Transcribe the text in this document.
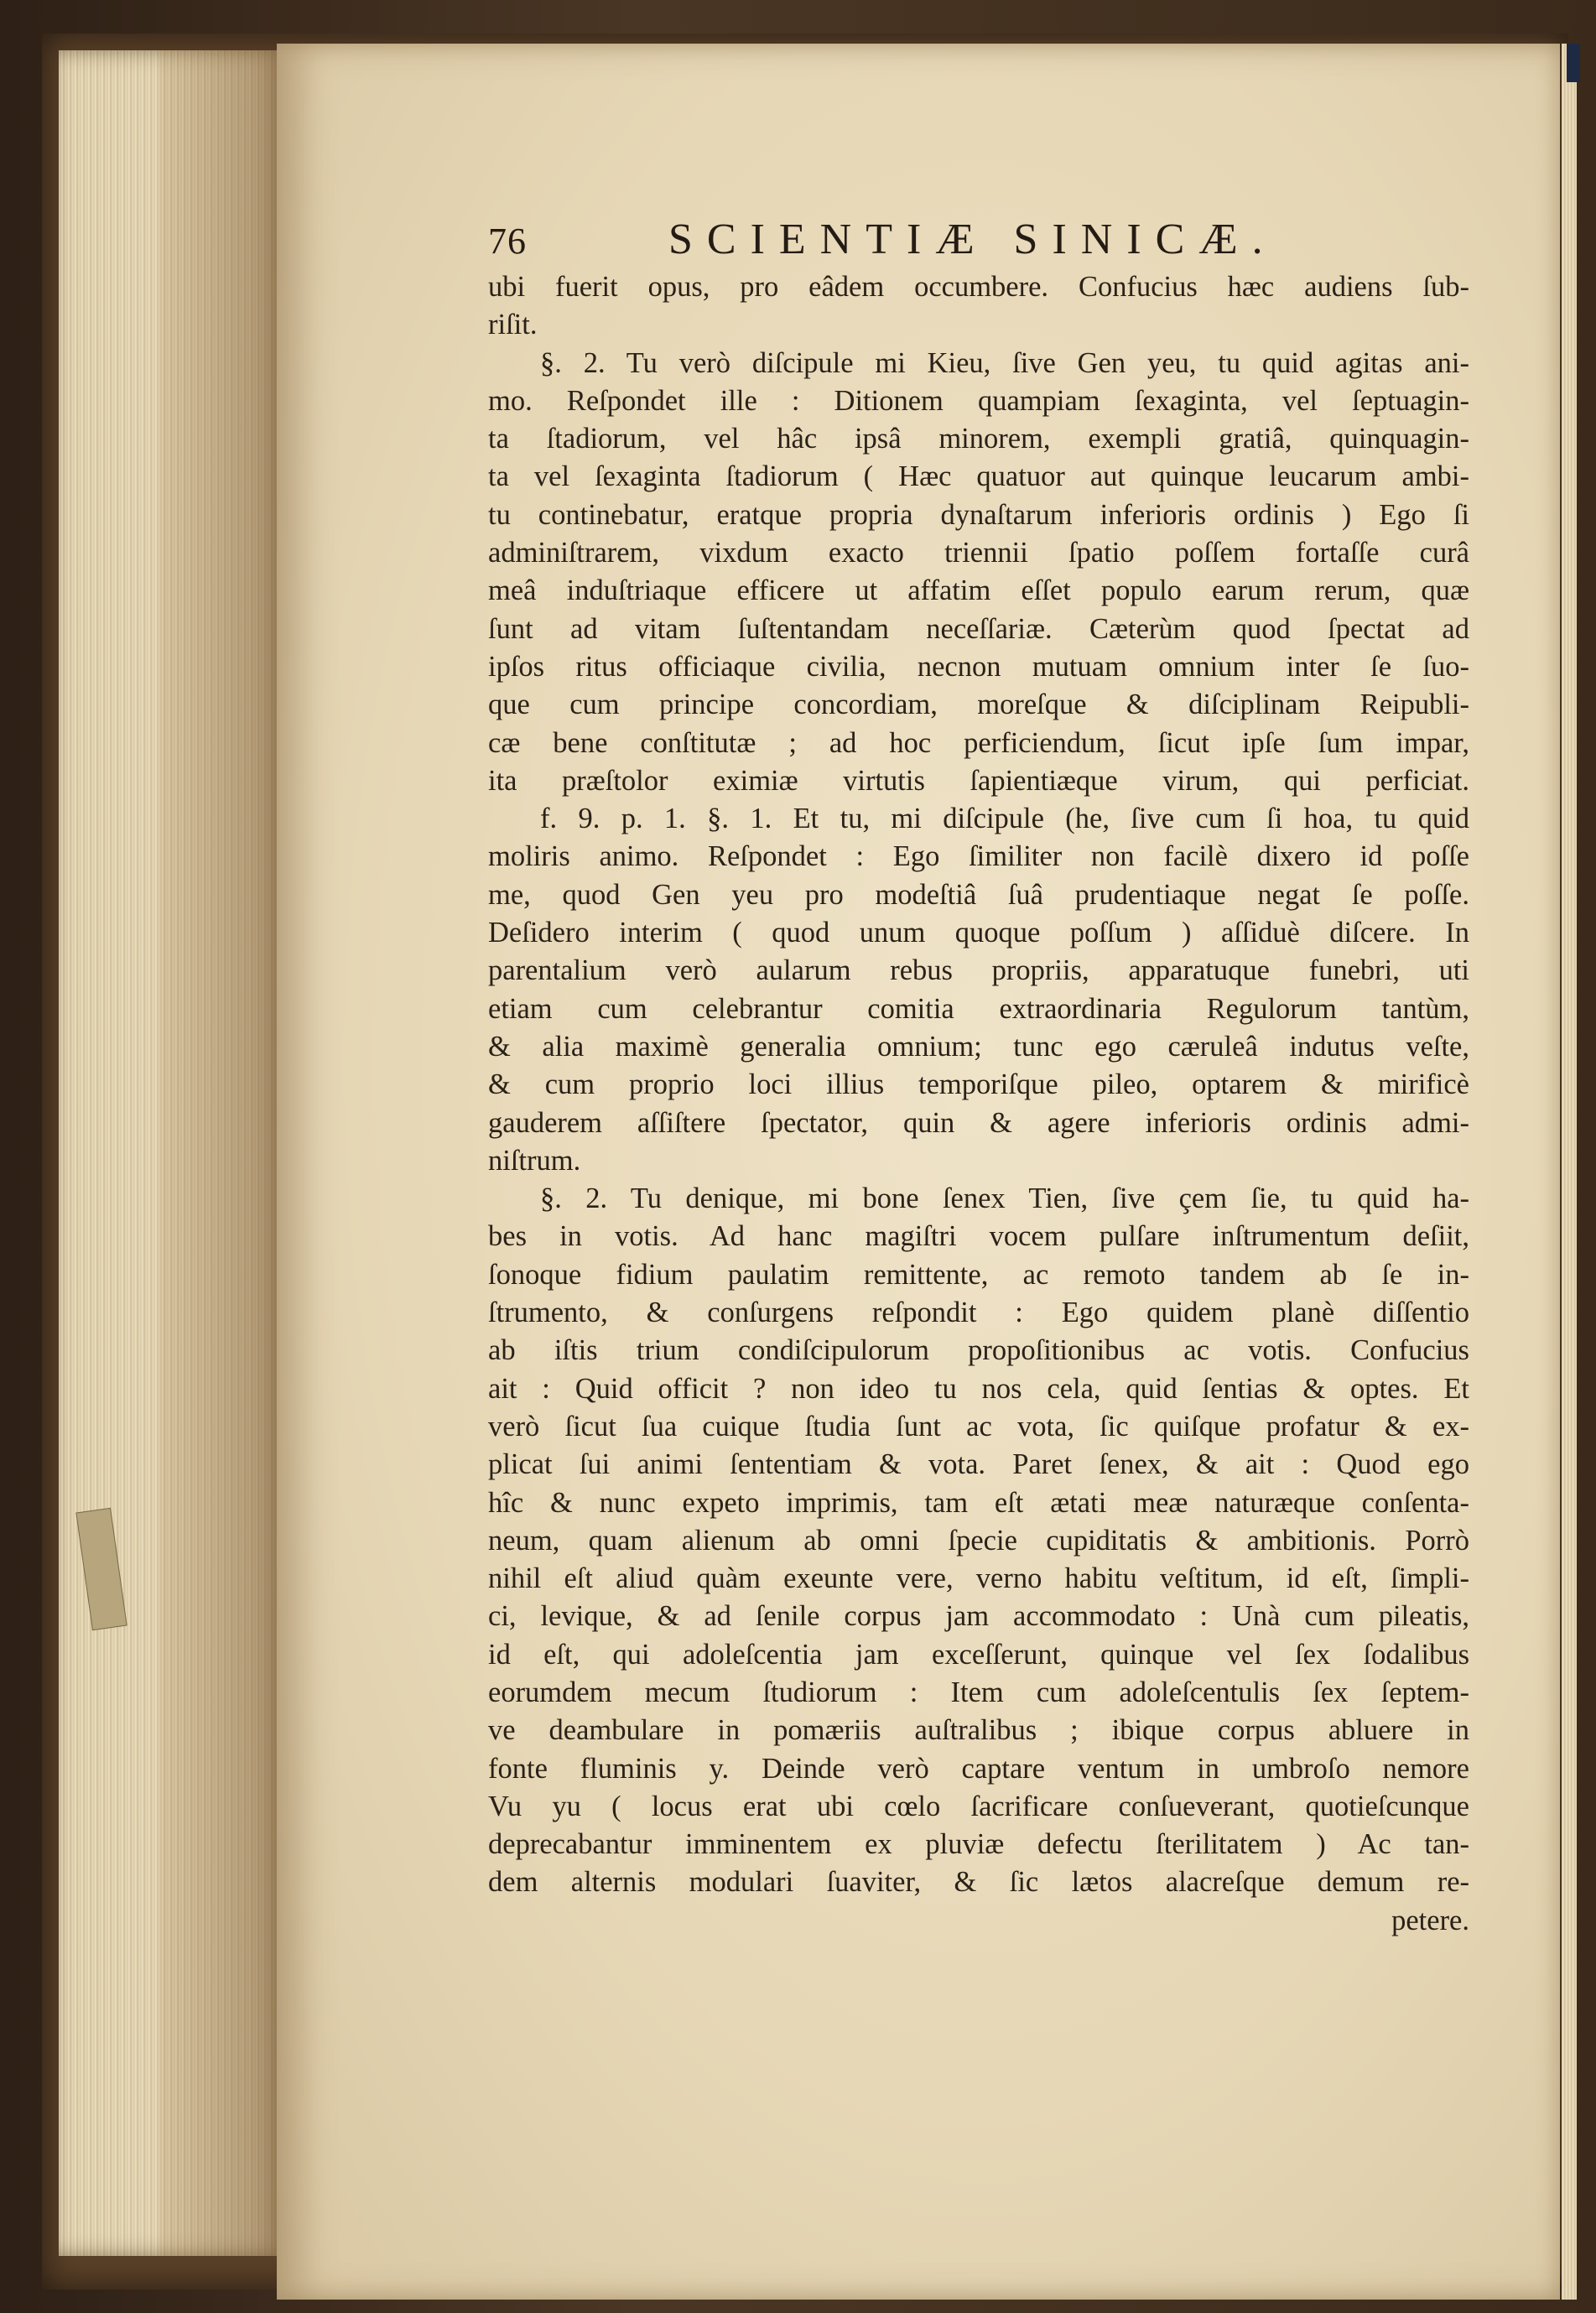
76	SCIENTIÆ SINICÆ.
ubi fuerit opus, pro eâdem occumbere. Confucius hæc audiens ſub-
riſit.
§. 2. Tu verò diſcipule mi Kieu, ſive Gen yeu, tu quid agitas ani-
mo. Reſpondet ille : Ditionem quampiam ſexaginta, vel ſeptuagin-
ta ſtadiorum, vel hâc ipsâ minorem, exempli gratiâ, quinquagin-
ta vel ſexaginta ſtadiorum ( Hæc quatuor aut quinque leucarum ambi-
tu continebatur, eratque propria dynaſtarum inferioris ordinis ) Ego ſi
adminiſtrarem, vixdum exacto triennii ſpatio poſſem fortaſſe curâ
meâ induſtriaque efficere ut affatim eſſet populo earum rerum, quæ
ſunt ad vitam ſuſtentandam neceſſariæ. Cæterùm quod ſpectat ad
ipſos ritus officiaque civilia, necnon mutuam omnium inter ſe ſuo-
que cum principe concordiam, moreſque & diſciplinam Reipubli-
cæ bene conſtitutæ ; ad hoc perficiendum, ſicut ipſe ſum impar,
ita præſtolor eximiæ virtutis ſapientiæque virum, qui perficiat.
f. 9. p. 1. §. 1. Et tu, mi diſcipule (he, ſive cum ſi hoa, tu quid
moliris animo. Reſpondet : Ego ſimiliter non facilè dixero id poſſe
me, quod Gen yeu pro modeſtiâ ſuâ prudentiaque negat ſe poſſe.
Deſidero interim ( quod unum quoque poſſum ) aſſiduè diſcere. In
parentalium verò aularum rebus propriis, apparatuque funebri, uti
etiam cum celebrantur comitia extraordinaria Regulorum tantùm,
& alia maximè generalia omnium; tunc ego cæruleâ indutus veſte,
& cum proprio loci illius temporiſque pileo, optarem & mirificè
gauderem aſſiſtere ſpectator, quin & agere inferioris ordinis admi-
niſtrum.
§. 2. Tu denique, mi bone ſenex Tien, ſive çem ſie, tu quid ha-
bes in votis. Ad hanc magiſtri vocem pulſare inſtrumentum deſiit,
ſonoque fidium paulatim remittente, ac remoto tandem ab ſe in-
ſtrumento, & conſurgens reſpondit : Ego quidem planè diſſentio
ab iſtis trium condiſcipulorum propoſitionibus ac votis. Confucius
ait : Quid officit ? non ideo tu nos cela, quid ſentias & optes. Et
verò ſicut ſua cuique ſtudia ſunt ac vota, ſic quiſque profatur & ex-
plicat ſui animi ſententiam & vota. Paret ſenex, & ait : Quod ego
hîc & nunc expeto imprimis, tam eſt ætati meæ naturæque conſenta-
neum, quam alienum ab omni ſpecie cupiditatis & ambitionis. Porrò
nihil eſt aliud quàm exeunte vere, verno habitu veſtitum, id eſt, ſimpli-
ci, levique, & ad ſenile corpus jam accommodato : Unà cum pileatis,
id eſt, qui adoleſcentia jam exceſſerunt, quinque vel ſex ſodalibus
eorumdem mecum ſtudiorum : Item cum adoleſcentulis ſex ſeptem-
ve deambulare in pomæriis auſtralibus ; ibique corpus abluere in
fonte fluminis y. Deinde verò captare ventum in umbroſo nemore
Vu yu ( locus erat ubi cœlo ſacrificare conſueverant, quotieſcunque
deprecabantur imminentem ex pluviæ defectu ſterilitatem ) Ac tan-
dem alternis modulari ſuaviter, & ſic lætos alacreſque demum re-
petere.
